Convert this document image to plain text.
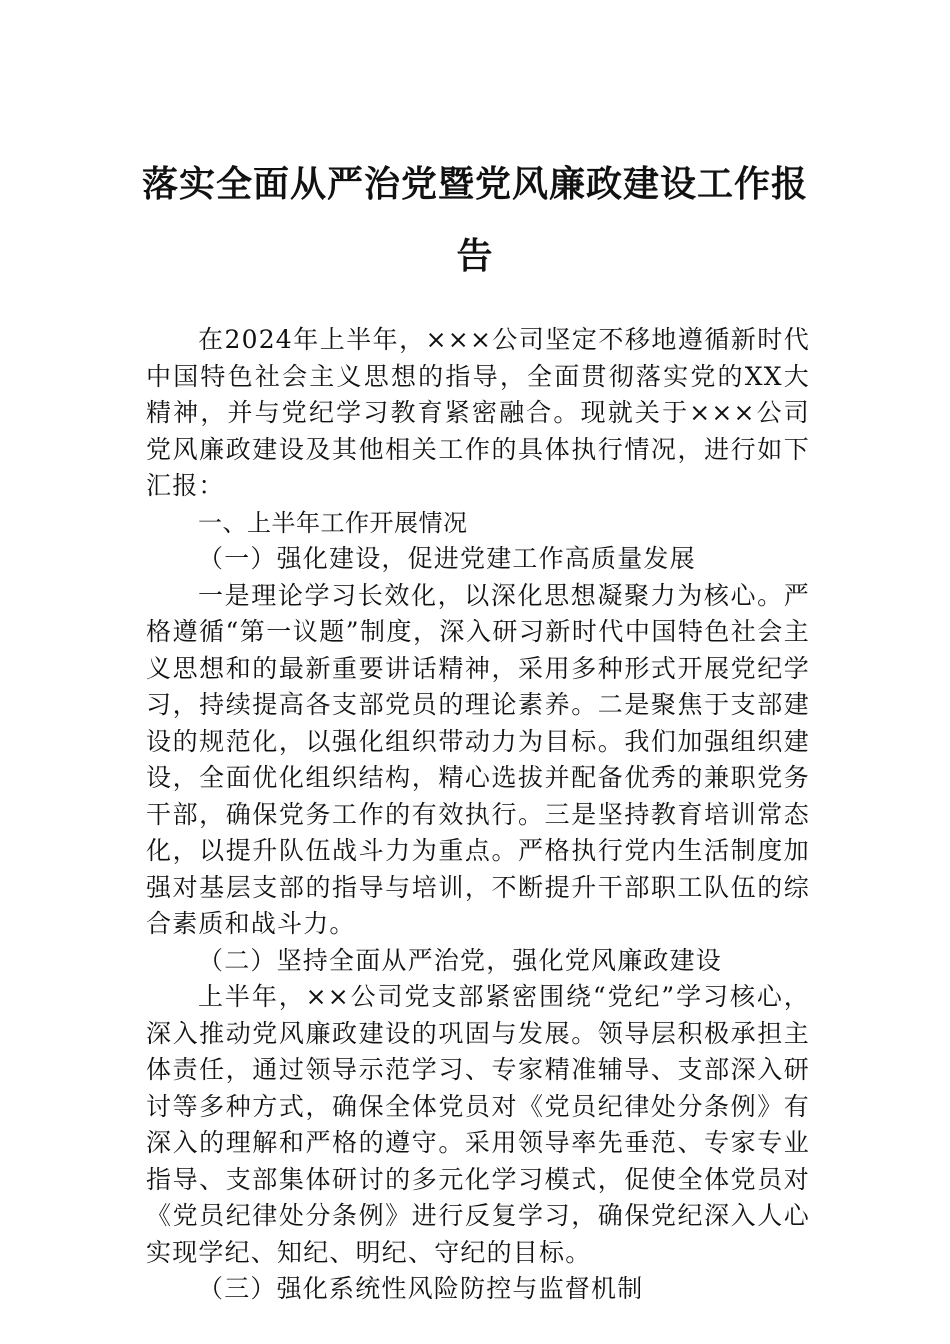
落实全面从严治党暨党风廉政建设工作报告

在2024年上半年，×××公司坚定不移地遵循新时代中国特色社会主义思想的指导，全面贯彻落实党的XX大精神，并与党纪学习教育紧密融合。现就关于×××公司党风廉政建设及其他相关工作的具体执行情况，进行如下汇报：

一、上半年工作开展情况

（一）强化建设，促进党建工作高质量发展

一是理论学习长效化，以深化思想凝聚力为核心。严格遵循“第一议题”制度，深入研习新时代中国特色社会主义思想和的最新重要讲话精神，采用多种形式开展党纪学习，持续提高各支部党员的理论素养。二是聚焦于支部建设的规范化，以强化组织带动力为目标。我们加强组织建设，全面优化组织结构，精心选拔并配备优秀的兼职党务干部，确保党务工作的有效执行。三是坚持教育培训常态化，以提升队伍战斗力为重点。严格执行党内生活制度加强对基层支部的指导与培训，不断提升干部职工队伍的综合素质和战斗力。

（二）坚持全面从严治党，强化党风廉政建设

上半年，××公司党支部紧密围绕“党纪”学习核心，深入推动党风廉政建设的巩固与发展。领导层积极承担主体责任，通过领导示范学习、专家精准辅导、支部深入研讨等多种方式，确保全体党员对《党员纪律处分条例》有深入的理解和严格的遵守。采用领导率先垂范、专家专业指导、支部集体研讨的多元化学习模式，促使全体党员对《党员纪律处分条例》进行反复学习，确保党纪深入人心实现学纪、知纪、明纪、守纪的目标。

（三）强化系统性风险防控与监督机制
